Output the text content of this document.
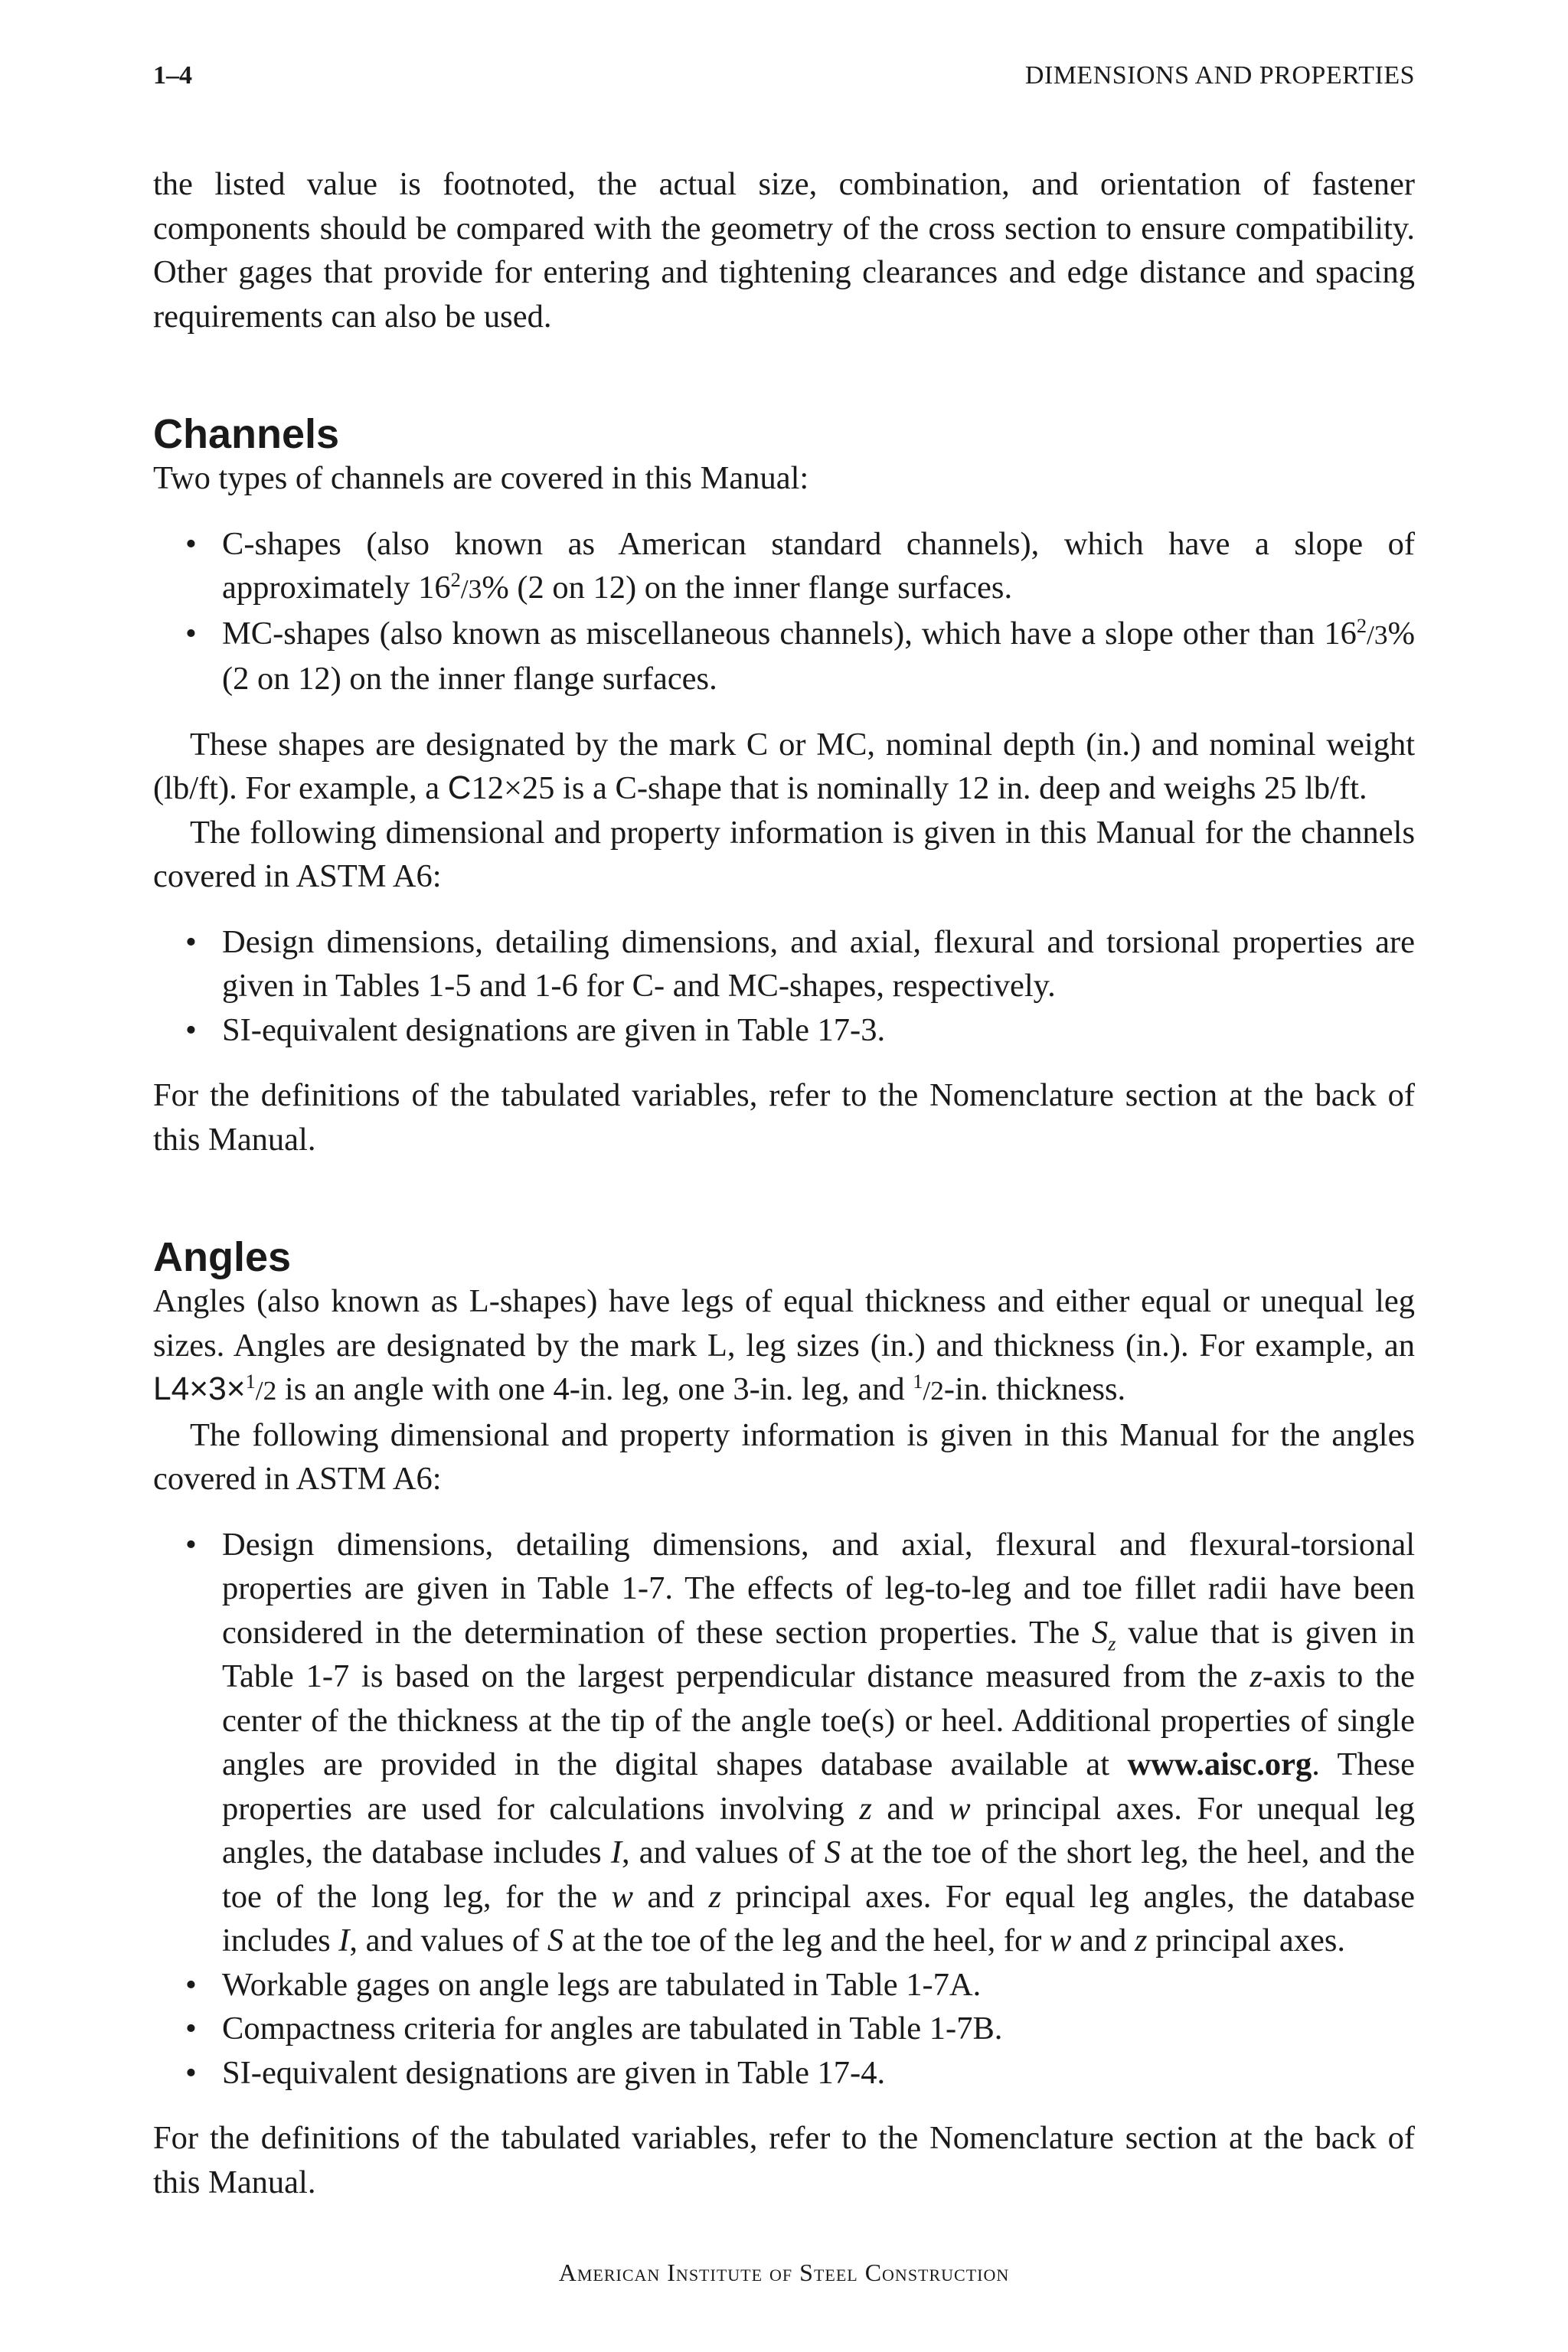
1–4	DIMENSIONS AND PROPERTIES

the listed value is footnoted, the actual size, combination, and orientation of fastener components should be compared with the geometry of the cross section to ensure compatibility. Other gages that provide for entering and tightening clearances and edge distance and spacing requirements can also be used.

Channels

Two types of channels are covered in this Manual:

• C-shapes (also known as American standard channels), which have a slope of approximately $16^2/3\%$ (2 on 12) on the inner flange surfaces.
• MC-shapes (also known as miscellaneous channels), which have a slope other than $16^2/3\%$ (2 on 12) on the inner flange surfaces.

These shapes are designated by the mark C or MC, nominal depth (in.) and nominal weight (lb/ft). For example, a C12×25 is a C-shape that is nominally 12 in. deep and weighs 25 lb/ft.

The following dimensional and property information is given in this Manual for the channels covered in ASTM A6:

• Design dimensions, detailing dimensions, and axial, flexural and torsional properties are given in Tables 1-5 and 1-6 for C- and MC-shapes, respectively.
• SI-equivalent designations are given in Table 17-3.

For the definitions of the tabulated variables, refer to the Nomenclature section at the back of this Manual.

Angles

Angles (also known as L-shapes) have legs of equal thickness and either equal or unequal leg sizes. Angles are designated by the mark L, leg sizes (in.) and thickness (in.). For example, an L4×3×$^1$/2 is an angle with one 4-in. leg, one 3-in. leg, and $^1$/2-in. thickness.

The following dimensional and property information is given in this Manual for the angles covered in ASTM A6:

• Design dimensions, detailing dimensions, and axial, flexural and flexural-torsional properties are given in Table 1-7. The effects of leg-to-leg and toe fillet radii have been considered in the determination of these section properties. The $S_z$ value that is given in Table 1-7 is based on the largest perpendicular distance measured from the z-axis to the center of the thickness at the tip of the angle toe(s) or heel. Additional properties of single angles are provided in the digital shapes database available at www.aisc.org. These properties are used for calculations involving z and w principal axes. For unequal leg angles, the database includes I, and values of S at the toe of the short leg, the heel, and the toe of the long leg, for the w and z principal axes. For equal leg angles, the database includes I, and values of S at the toe of the leg and the heel, for w and z principal axes.
• Workable gages on angle legs are tabulated in Table 1-7A.
• Compactness criteria for angles are tabulated in Table 1-7B.
• SI-equivalent designations are given in Table 17-4.

For the definitions of the tabulated variables, refer to the Nomenclature section at the back of this Manual.

American Institute of Steel Construction
